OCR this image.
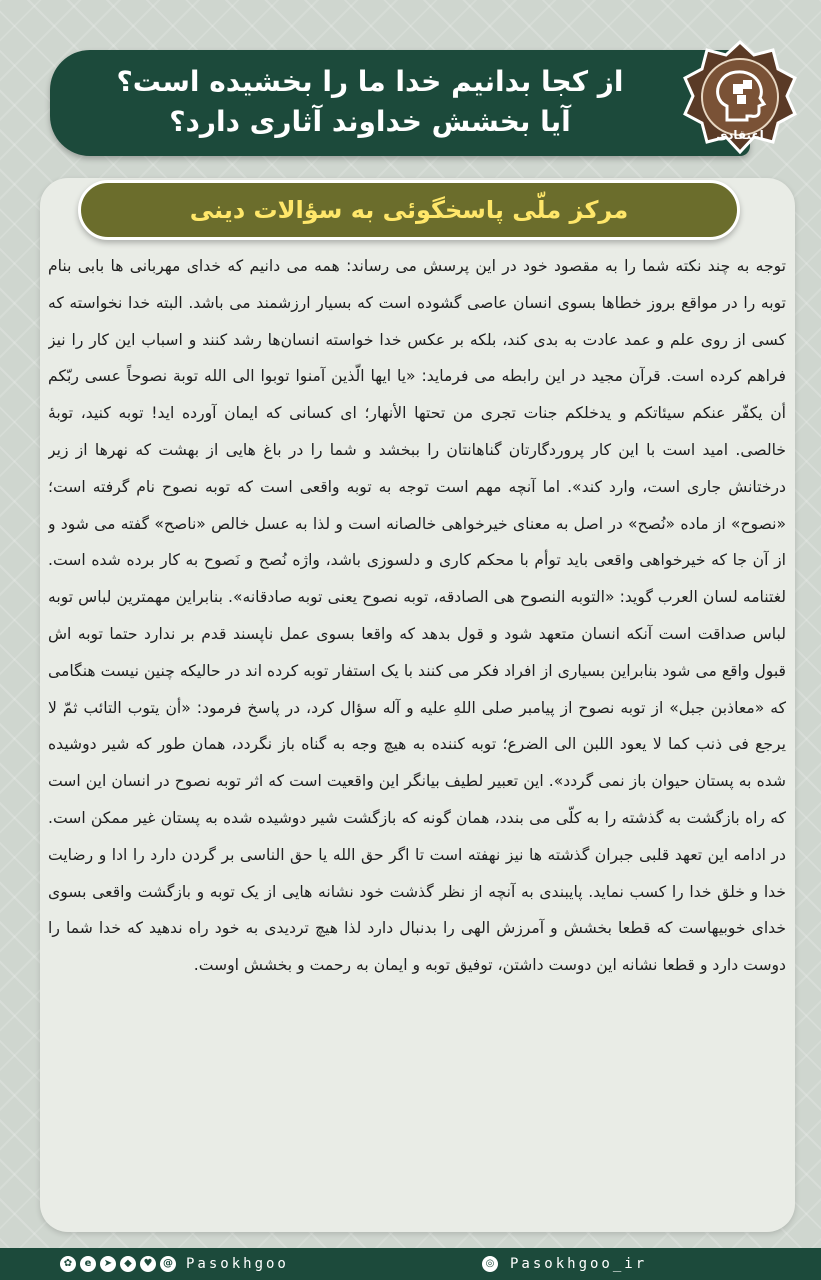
از کجا بدانیم خدا ما را بخشیده است؟
آیا بخشش خداوند آثاری دارد؟	اعتقادی
مرکز ملّی پاسخگوئی به سؤالات دینی
توجه به چند نکته شما را به مقصود خود در این پرسش می رساند: همه می دانیم که خدای مهربانی ها بابی بنام توبه را در مواقع بروز خطاها بسوی انسان عاصی گشوده است که بسیار ارزشمند می باشد. البته خدا نخواسته که کسی از روی علم و عمد عادت به بدی کند، بلکه بر عکس خدا خواسته انسان‌ها رشد کنند و اسباب این کار را نیز فراهم کرده است. قرآن مجید در این رابطه می فرماید: «یا ایها الّذین آمنوا توبوا الی الله توبة نصوحاً عسی ربّکم أن یکفّر عنکم سیئاتکم و یدخلکم جنات تجری من تحتها الأنهار؛ ای کسانی که ایمان آورده اید! توبه کنید، توبهٔ خالصی. امید است با این کار پروردگارتان گناهانتان را ببخشد و شما را در باغ هایی از بهشت که نهرها از زیر درختانش جاری است، وارد کند». اما آنچه مهم است توجه به توبه واقعی است که توبه نصوح نام گرفته است؛ «نصوح» از ماده «نُصح» در اصل به معنای خیرخواهی خالصانه است و لذا به عسل خالص «ناصح» گفته می شود و از آن جا که خیرخواهی واقعی باید توأم با محکم کاری و دلسوزی باشد، واژه نُصح و نَصوح به کار برده شده است. لغتنامه لسان العرب گوید: «التوبه النصوح هی الصادقه، توبه نصوح یعنی توبه صادقانه». بنابراین مهمترین لباس توبه لباس صداقت است آنکه انسان متعهد شود و قول بدهد که واقعا بسوی عمل ناپسند قدم بر ندارد حتما توبه اش قبول واقع می شود بنابراین بسیاری از افراد فکر می کنند با یک استفار توبه کرده اند در حالیکه چنین نیست هنگامی که «معاذبن جبل» از توبه نصوح از پیامبر صلی اللهِ علیه و آله سؤال کرد، در پاسخ فرمود: «أن یتوب التائب ثمّ لا یرجع فی ذنب کما لا یعود اللبن الی الضرع؛ توبه کننده به هیچ وجه به گناه باز نگردد، همان طور که شیر دوشیده شده به پستان حیوان باز نمی گردد». این تعبیر لطیف بیانگر این واقعیت است که اثر توبه نصوح در انسان این است که راه بازگشت به گذشته را به کلّی می بندد، همان گونه که بازگشت شیر دوشیده شده به پستان غیر ممکن است. در ادامه این تعهد قلبی جبران گذشته ها نیز نهفته است تا اگر حق الله یا حق الناسی بر گردن دارد را ادا و رضایت خدا و خلق خدا را کسب نماید. پایبندی به آنچه از نظر گذشت خود نشانه هایی از یک توبه و بازگشت واقعی بسوی خدای خوبیهاست که قطعا بخشش و آمرزش الهی را بدنبال دارد لذا هیچ تردیدی به خود راه ندهید که خدا شما را دوست دارد و قطعا نشانه این دوست داشتن، توفیق توبه و ایمان به رحمت و بخشش اوست.
✿	e	➤	◆	♥	@ Pasokhgoo	◎ Pasokhgoo_ir
